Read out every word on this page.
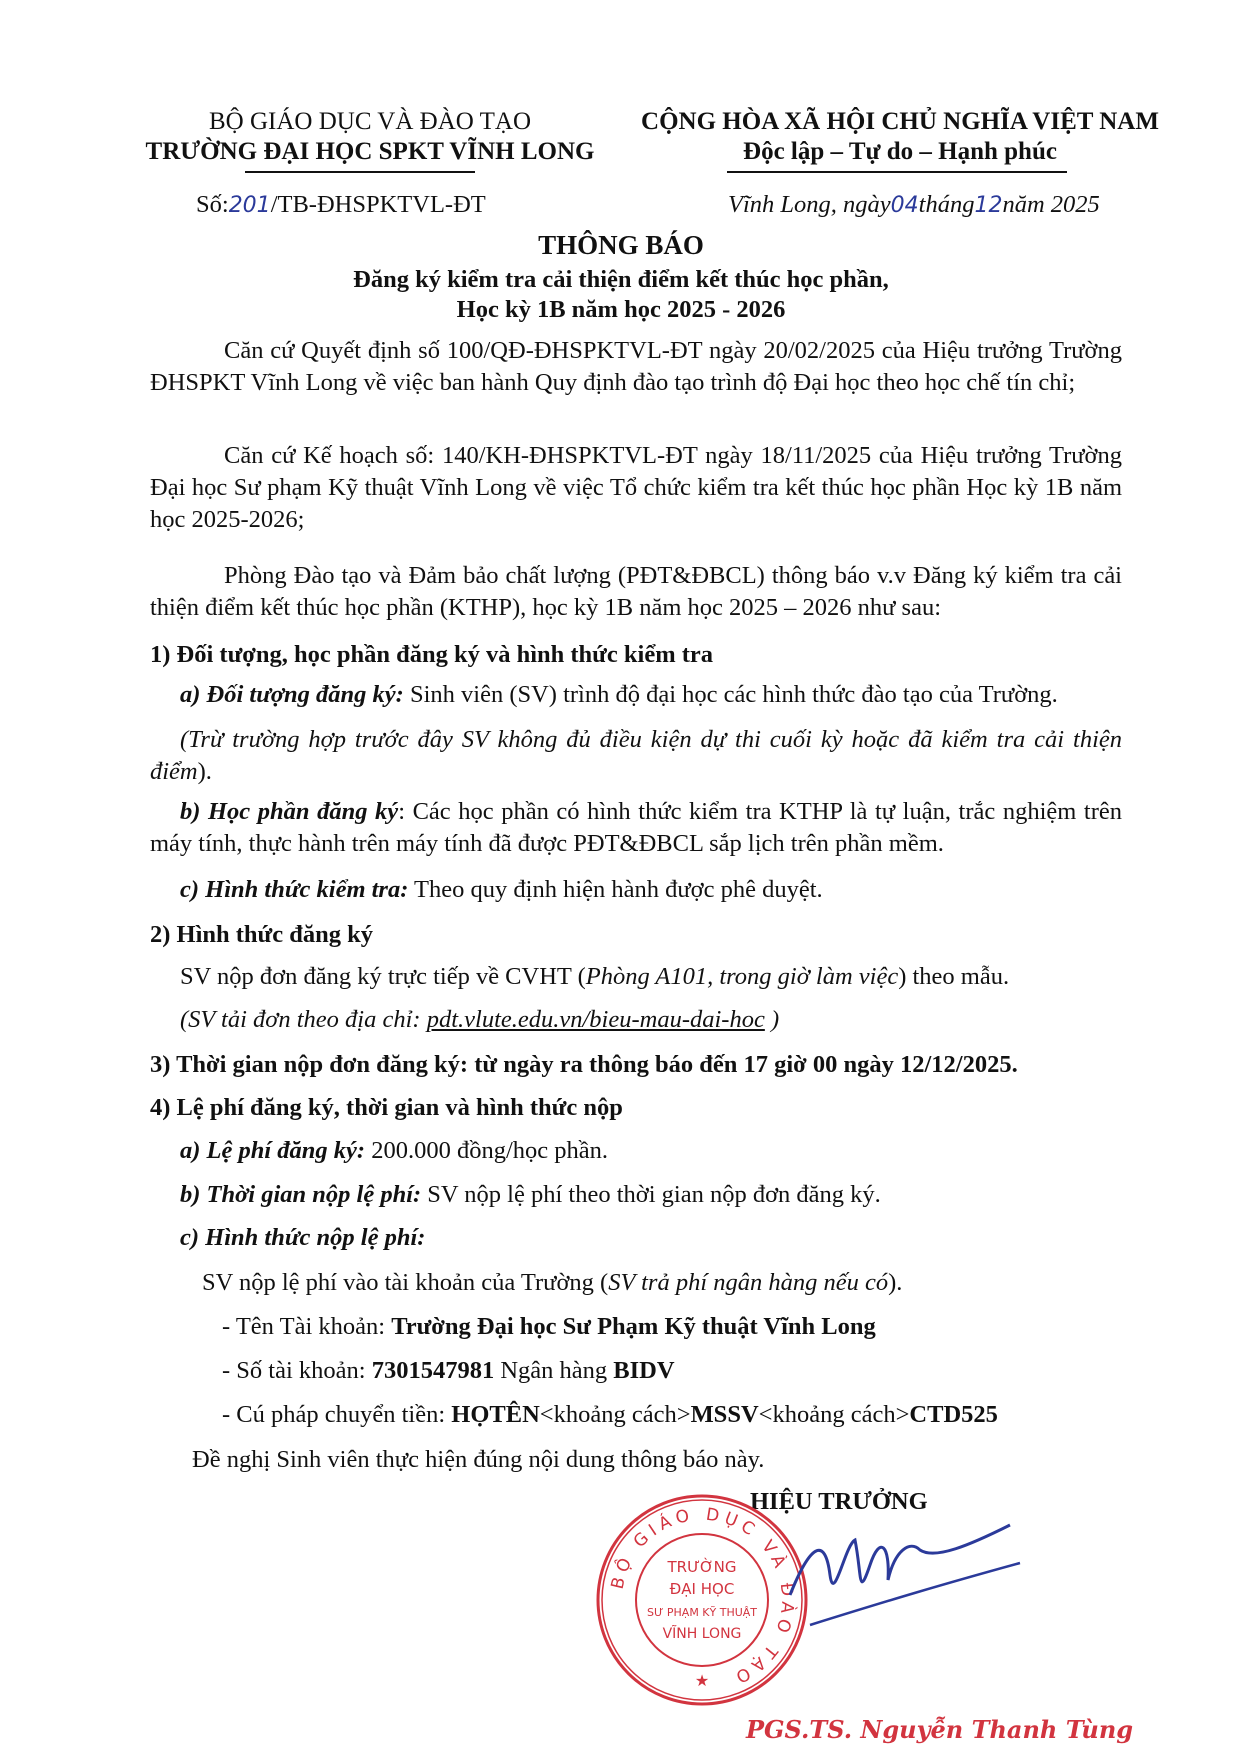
BỘ GIÁO DỤC VÀ ĐÀO TẠO
TRƯỜNG ĐẠI HỌC SPKT VĨNH LONG
CỘNG HÒA XÃ HỘI CHỦ NGHĨA VIỆT NAM
Độc lập – Tự do – Hạnh phúc
Số:201/TB-ĐHSPKTVL-ĐT	Vĩnh Long, ngày04tháng12năm 2025
THÔNG BÁO
Đăng ký kiểm tra cải thiện điểm kết thúc học phần,
Học kỳ 1B năm học 2025 - 2026
Căn cứ Quyết định số 100/QĐ-ĐHSPKTVL-ĐT ngày 20/02/2025 của Hiệu trưởng Trường ĐHSPKT Vĩnh Long về việc ban hành Quy định đào tạo trình độ Đại học theo học chế tín chỉ;
Căn cứ Kế hoạch số: 140/KH-ĐHSPKTVL-ĐT ngày 18/11/2025 của Hiệu trưởng Trường Đại học Sư phạm Kỹ thuật Vĩnh Long về việc Tổ chức kiểm tra kết thúc học phần Học kỳ 1B năm học 2025-2026;
Phòng Đào tạo và Đảm bảo chất lượng (PĐT&ĐBCL) thông báo v.v Đăng ký kiểm tra cải thiện điểm kết thúc học phần (KTHP), học kỳ 1B năm học 2025 – 2026 như sau:
1) Đối tượng, học phần đăng ký và hình thức kiểm tra
a) Đối tượng đăng ký: Sinh viên (SV) trình độ đại học các hình thức đào tạo của Trường.
(Trừ trường hợp trước đây SV không đủ điều kiện dự thi cuối kỳ hoặc đã kiểm tra cải thiện điểm).
b) Học phần đăng ký: Các học phần có hình thức kiểm tra KTHP là tự luận, trắc nghiệm trên máy tính, thực hành trên máy tính đã được PĐT&ĐBCL sắp lịch trên phần mềm.
c) Hình thức kiểm tra: Theo quy định hiện hành được phê duyệt.
2) Hình thức đăng ký
SV nộp đơn đăng ký trực tiếp về CVHT (Phòng A101, trong giờ làm việc) theo mẫu.
(SV tải đơn theo địa chỉ: pdt.vlute.edu.vn/bieu-mau-dai-hoc )
3) Thời gian nộp đơn đăng ký: từ ngày ra thông báo đến 17 giờ 00 ngày 12/12/2025.
4) Lệ phí đăng ký, thời gian và hình thức nộp
a) Lệ phí đăng ký: 200.000 đồng/học phần.
b) Thời gian nộp lệ phí: SV nộp lệ phí theo thời gian nộp đơn đăng ký.
c) Hình thức nộp lệ phí:
SV nộp lệ phí vào tài khoản của Trường (SV trả phí ngân hàng nếu có).
- Tên Tài khoản: Trường Đại học Sư Phạm Kỹ thuật Vĩnh Long
- Số tài khoản: 7301547981 Ngân hàng BIDV
- Cú pháp chuyển tiền: HỌTÊN<khoảng cách>MSSV<khoảng cách>CTD525
Đề nghị Sinh viên thực hiện đúng nội dung thông báo này.
HIỆU TRƯỞNG
BỘ GIÁO DỤC VÀ ĐÀO TẠO
TRƯỜNG
ĐẠI HỌC
SƯ PHẠM KỸ THUẬT
VĨNH LONG
★
PGS.TS. Nguyễn Thanh Tùng
